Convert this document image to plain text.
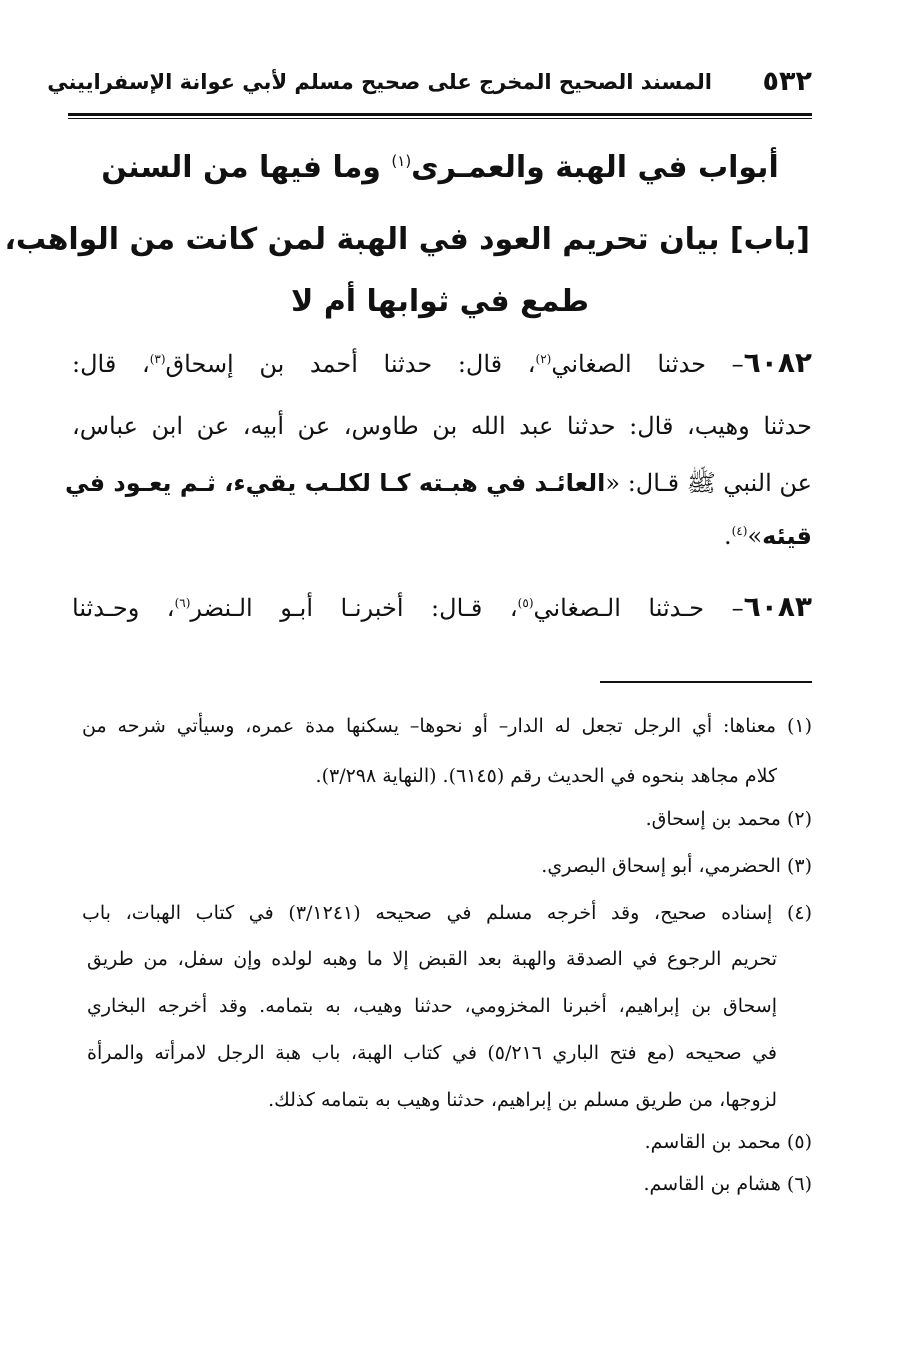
٥٣٢
المسند الصحيح المخرج على صحيح مسلم لأبي عوانة الإسفراييني
أبواب في الهبة والعمـرى$^{(١)}$ وما فيها من السنن
[باب] بيان تحريم العود في الهبة لمن كانت من الواهب،
طمع في ثوابها أم لا
٦٠٨٢– حدثنا الصغاني$^{(٢)}$، قال: حدثنا أحمد بن إسحاق$^{(٣)}$، قال:
حدثنا وهيب، قال: حدثنا عبد الله بن طاوس، عن أبيه، عن ابن عباس،
عن النبي ﷺ قـال: «العائـد في هبـته كـا لكلـب يقيء، ثـم يعـود في
قيئه»$^{(٤)}$.
٦٠٨٣– حـدثنا الـصغاني$^{(٥)}$، قـال: أخبرنـا أبـو الـنضر$^{(٦)}$، وحـدثنا
(١) معناها: أي الرجل تجعل له الدار– أو نحوها– يسكنها مدة عمره، وسيأتي شرحه من
كلام مجاهد بنحوه في الحديث رقم (٦١٤٥). (النهاية ٣/٢٩٨).
(٢) محمد بن إسحاق.
(٣) الحضرمي، أبو إسحاق البصري.
(٤) إسناده صحيح، وقد أخرجه مسلم في صحيحه (٣/١٢٤١) في كتاب الهبات، باب
تحريم الرجوع في الصدقة والهبة بعد القبض إلا ما وهبه لولده وإن سفل، من طريق
إسحاق بن إبراهيم، أخبرنا المخزومي، حدثنا وهيب، به بتمامه. وقد أخرجه البخاري
في صحيحه (مع فتح الباري ٥/٢١٦) في كتاب الهبة، باب هبة الرجل لامرأته والمرأة
لزوجها، من طريق مسلم بن إبراهيم، حدثنا وهيب به بتمامه كذلك.
(٥) محمد بن القاسم.
(٦) هشام بن القاسم.
